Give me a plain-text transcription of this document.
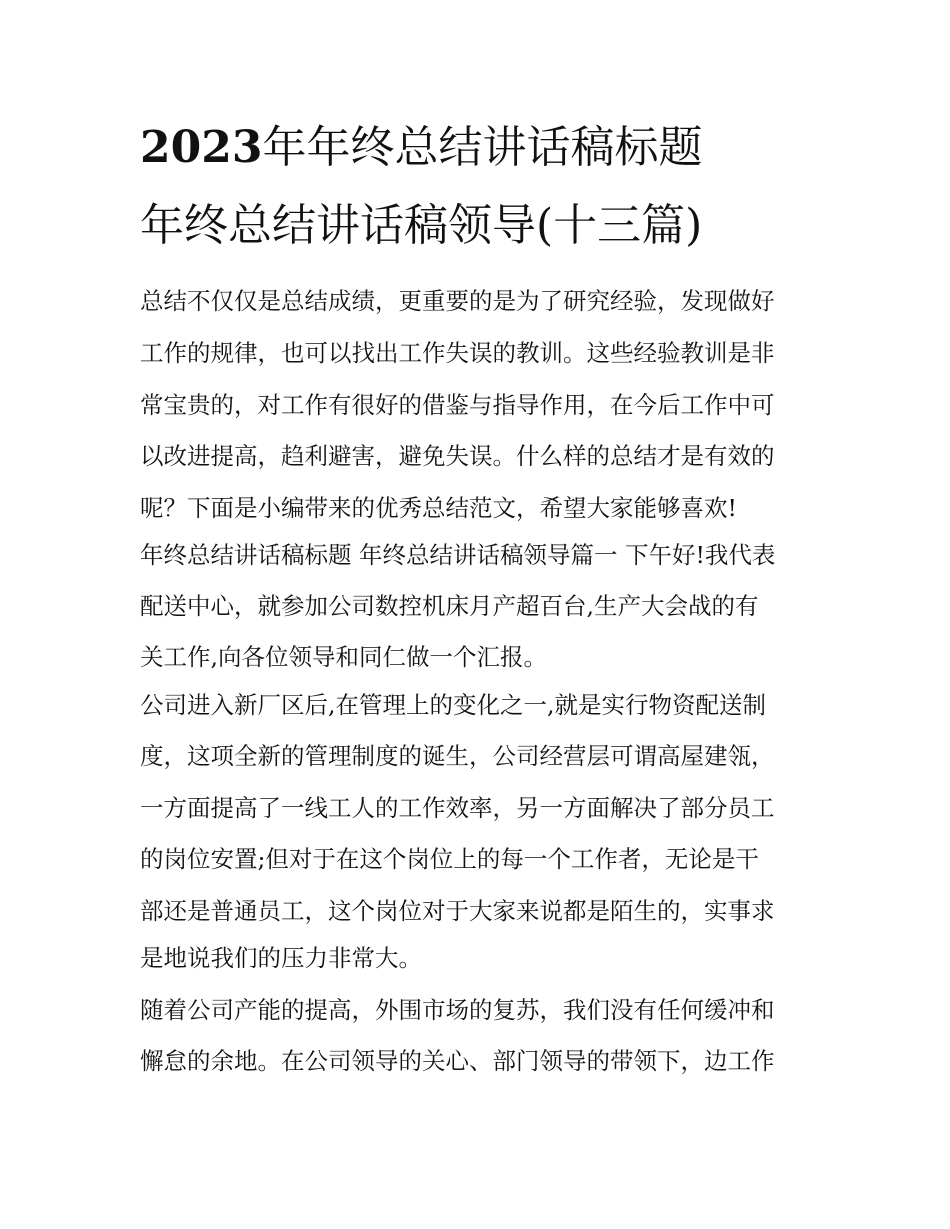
2023年年终总结讲话稿标题
年终总结讲话稿领导(十三篇)

总结不仅仅是总结成绩，更重要的是为了研究经验，发现做好

工作的规律，也可以找出工作失误的教训。这些经验教训是非

常宝贵的，对工作有很好的借鉴与指导作用，在今后工作中可

以改进提高，趋利避害，避免失误。什么样的总结才是有效的

呢？下面是小编带来的优秀总结范文，希望大家能够喜欢!

年终总结讲话稿标题 年终总结讲话稿领导篇一 下午好!我代表

配送中心，就参加公司数控机床月产超百台,生产大会战的有

关工作,向各位领导和同仁做一个汇报。

公司进入新厂区后,在管理上的变化之一,就是实行物资配送制

度，这项全新的管理制度的诞生，公司经营层可谓高屋建瓴，

一方面提高了一线工人的工作效率，另一方面解决了部分员工

的岗位安置;但对于在这个岗位上的每一个工作者，无论是干

部还是普通员工，这个岗位对于大家来说都是陌生的，实事求

是地说我们的压力非常大。

随着公司产能的提高，外围市场的复苏，我们没有任何缓冲和

懈怠的余地。在公司领导的关心、部门领导的带领下，边工作
